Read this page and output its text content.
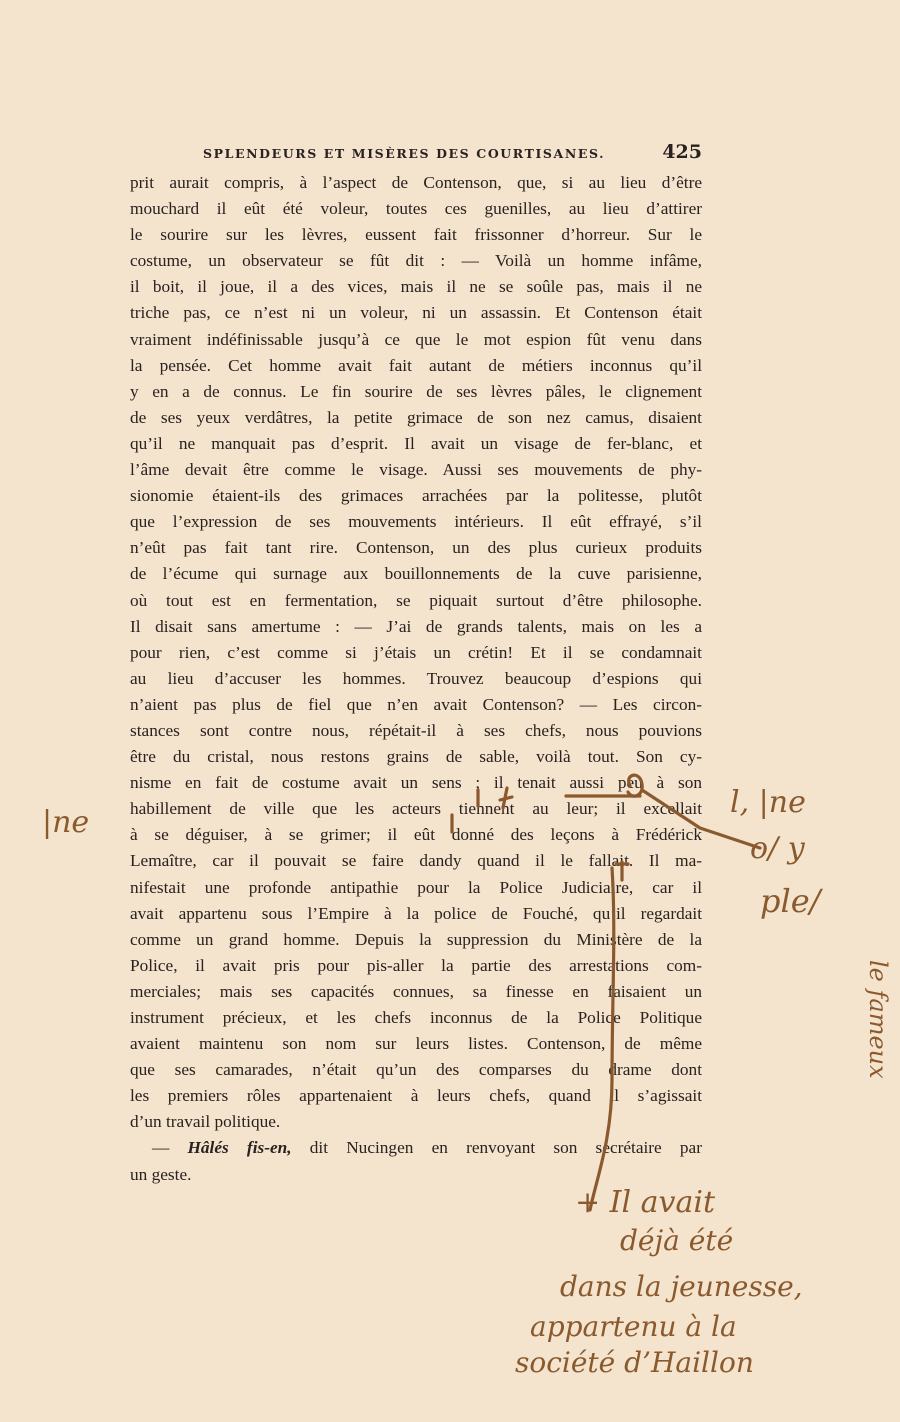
SPLENDEURS ET MISÈRES DES COURTISANES.	425
prit aurait compris, à l’aspect de Contenson, que, si au lieu d’être
mouchard il eût été voleur, toutes ces guenilles, au lieu d’attirer
le sourire sur les lèvres, eussent fait frissonner d’horreur. Sur le
costume, un observateur se fût dit : — Voilà un homme infâme,
il boit, il joue, il a des vices, mais il ne se soûle pas, mais il ne
triche pas, ce n’est ni un voleur, ni un assassin. Et Contenson était
vraiment indéfinissable jusqu’à ce que le mot espion fût venu dans
la pensée. Cet homme avait fait autant de métiers inconnus qu’il
y en a de connus. Le fin sourire de ses lèvres pâles, le clignement
de ses yeux verdâtres, la petite grimace de son nez camus, disaient
qu’il ne manquait pas d’esprit. Il avait un visage de fer-blanc, et
l’âme devait être comme le visage. Aussi ses mouvements de phy-
sionomie étaient-ils des grimaces arrachées par la politesse, plutôt
que l’expression de ses mouvements intérieurs. Il eût effrayé, s’il
n’eût pas fait tant rire. Contenson, un des plus curieux produits
de l’écume qui surnage aux bouillonnements de la cuve parisienne,
où tout est en fermentation, se piquait surtout d’être philosophe.
Il disait sans amertume : — J’ai de grands talents, mais on les a
pour rien, c’est comme si j’étais un crétin! Et il se condamnait
au lieu d’accuser les hommes. Trouvez beaucoup d’espions qui
n’aient pas plus de fiel que n’en avait Contenson? — Les circon-
stances sont contre nous, répétait-il à ses chefs, nous pouvions
être du cristal, nous restons grains de sable, voilà tout. Son cy-
nisme en fait de costume avait un sens ; il tenait aussi peu à son
habillement de ville que les acteurs tiennent au leur; il excellait
à se déguiser, à se grimer; il eût donné des leçons à Frédérick
Lemaître, car il pouvait se faire dandy quand il le fallait. Il ma-
nifestait une profonde antipathie pour la Police Judiciaire, car il
avait appartenu sous l’Empire à la police de Fouché, qu’il regardait
comme un grand homme. Depuis la suppression du Ministère de la
Police, il avait pris pour pis-aller la partie des arrestations com-
merciales; mais ses capacités connues, sa finesse en faisaient un
instrument précieux, et les chefs inconnus de la Police Politique
avaient maintenu son nom sur leurs listes. Contenson, de même
que ses camarades, n’était qu’un des comparses du drame dont
les premiers rôles appartenaient à leurs chefs, quand il s’agissait
d’un travail politique.
— Hâlés fis-en, dit Nucingen en renvoyant son secrétaire par
un geste.
|ne
l, |ne
o/ y
ple/
le fameux
+ Il avait
déjà été
dans la jeunesse,
appartenu à la
société d’Haillon
